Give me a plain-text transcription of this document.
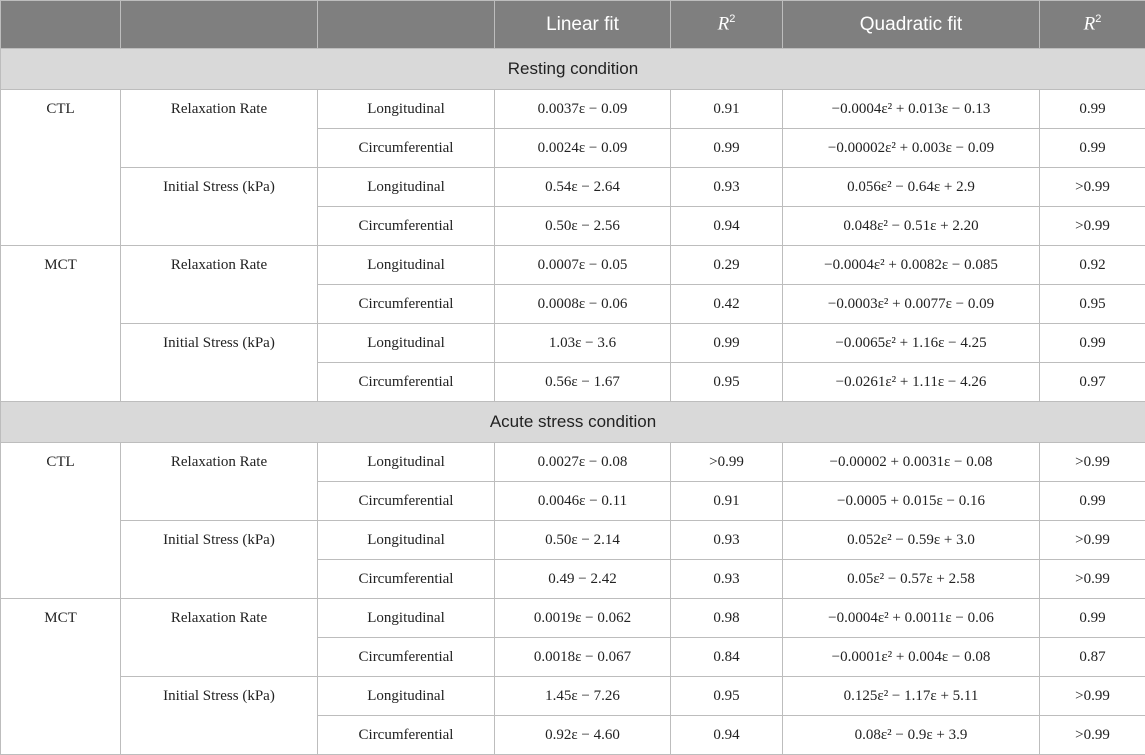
			Linear fit	$R^2$	Quadratic fit	$R^2$
Resting condition						
CTL	Relaxation Rate	Longitudinal	0.0037ε − 0.09	0.91	−0.0004ε² + 0.013ε − 0.13	0.99
		Circumferential	0.0024ε − 0.09	0.99	−0.00002ε² + 0.003ε − 0.09	0.99
	Initial Stress (kPa)	Longitudinal	0.54ε − 2.64	0.93	0.056ε² − 0.64ε + 2.9	>0.99
		Circumferential	0.50ε − 2.56	0.94	0.048ε² − 0.51ε + 2.20	>0.99
MCT	Relaxation Rate	Longitudinal	0.0007ε − 0.05	0.29	−0.0004ε² + 0.0082ε − 0.085	0.92
		Circumferential	0.0008ε − 0.06	0.42	−0.0003ε² + 0.0077ε − 0.09	0.95
	Initial Stress (kPa)	Longitudinal	1.03ε − 3.6	0.99	−0.0065ε² + 1.16ε − 4.25	0.99
		Circumferential	0.56ε − 1.67	0.95	−0.0261ε² + 1.11ε − 4.26	0.97
Acute stress condition						
CTL	Relaxation Rate	Longitudinal	0.0027ε − 0.08	>0.99	−0.00002 + 0.0031ε − 0.08	>0.99
		Circumferential	0.0046ε − 0.11	0.91	−0.0005 + 0.015ε − 0.16	0.99
	Initial Stress (kPa)	Longitudinal	0.50ε − 2.14	0.93	0.052ε² − 0.59ε + 3.0	>0.99
		Circumferential	0.49 − 2.42	0.93	0.05ε² − 0.57ε + 2.58	>0.99
MCT	Relaxation Rate	Longitudinal	0.0019ε − 0.062	0.98	−0.0004ε² + 0.0011ε − 0.06	0.99
		Circumferential	0.0018ε − 0.067	0.84	−0.0001ε² + 0.004ε − 0.08	0.87
	Initial Stress (kPa)	Longitudinal	1.45ε − 7.26	0.95	0.125ε² − 1.17ε + 5.11	>0.99
		Circumferential	0.92ε − 4.60	0.94	0.08ε² − 0.9ε + 3.9	>0.99
